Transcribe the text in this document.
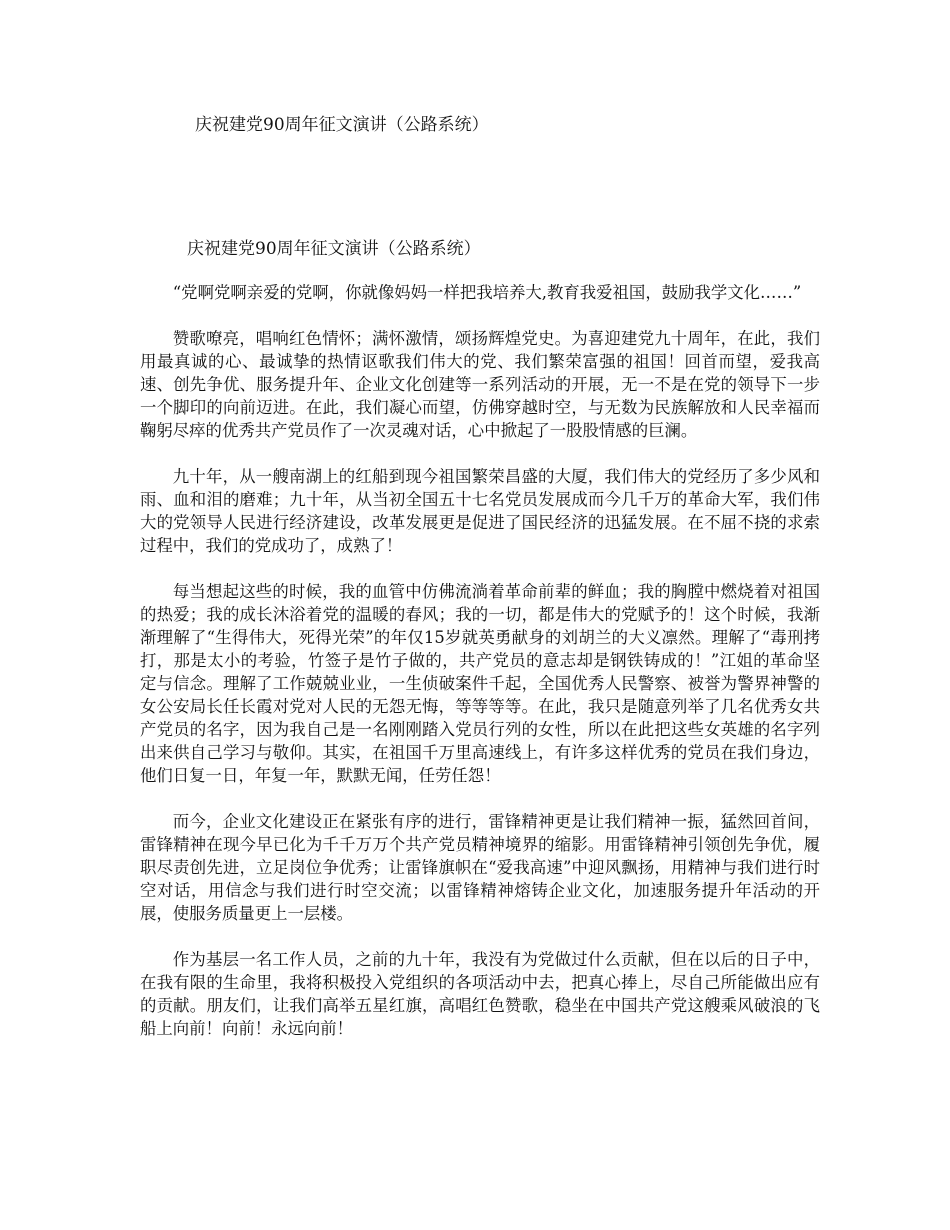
庆祝建党90周年征文演讲（公路系统）
庆祝建党90周年征文演讲（公路系统）

“党啊党啊亲爱的党啊，你就像妈妈一样把我培养大,教育我爱祖国，鼓励我学文化……”

赞歌嘹亮，唱响红色情怀；满怀激情，颂扬辉煌党史。为喜迎建党九十周年，在此，我们用最真诚的心、最诚挚的热情讴歌我们伟大的党、我们繁荣富强的祖国！回首而望，爱我高速、创先争优、服务提升年、企业文化创建等一系列活动的开展，无一不是在党的领导下一步一个脚印的向前迈进。在此，我们凝心而望，仿佛穿越时空，与无数为民族解放和人民幸福而鞠躬尽瘁的优秀共产党员作了一次灵魂对话，心中掀起了一股股情感的巨澜。

九十年，从一艘南湖上的红船到现今祖国繁荣昌盛的大厦，我们伟大的党经历了多少风和雨、血和泪的磨难；九十年，从当初全国五十七名党员发展成而今几千万的革命大军，我们伟大的党领导人民进行经济建设，改革发展更是促进了国民经济的迅猛发展。在不屈不挠的求索过程中，我们的党成功了，成熟了！

每当想起这些的时候，我的血管中仿佛流淌着革命前辈的鲜血；我的胸膛中燃烧着对祖国的热爱；我的成长沐浴着党的温暖的春风；我的一切，都是伟大的党赋予的！这个时候，我渐渐理解了“生得伟大，死得光荣”的年仅15岁就英勇献身的刘胡兰的大义凛然。理解了“毒刑拷打，那是太小的考验，竹签子是竹子做的，共产党员的意志却是钢铁铸成的！”江姐的革命坚定与信念。理解了工作兢兢业业，一生侦破案件千起，全国优秀人民警察、被誉为警界神警的女公安局长任长霞对党对人民的无怨无悔，等等等等。在此，我只是随意列举了几名优秀女共产党员的名字，因为我自己是一名刚刚踏入党员行列的女性，所以在此把这些女英雄的名字列出来供自己学习与敬仰。其实，在祖国千万里高速线上，有许多这样优秀的党员在我们身边，他们日复一日，年复一年，默默无闻，任劳任怨！

而今，企业文化建设正在紧张有序的进行，雷锋精神更是让我们精神一振，猛然回首间，雷锋精神在现今早已化为千千万万个共产党员精神境界的缩影。用雷锋精神引领创先争优，履职尽责创先进，立足岗位争优秀；让雷锋旗帜在“爱我高速”中迎风飘扬，用精神与我们进行时空对话，用信念与我们进行时空交流；以雷锋精神熔铸企业文化，加速服务提升年活动的开展，使服务质量更上一层楼。

作为基层一名工作人员，之前的九十年，我没有为党做过什么贡献，但在以后的日子中，在我有限的生命里，我将积极投入党组织的各项活动中去，把真心捧上，尽自己所能做出应有的贡献。朋友们，让我们高举五星红旗，高唱红色赞歌，稳坐在中国共产党这艘乘风破浪的飞船上向前！向前！永远向前！
